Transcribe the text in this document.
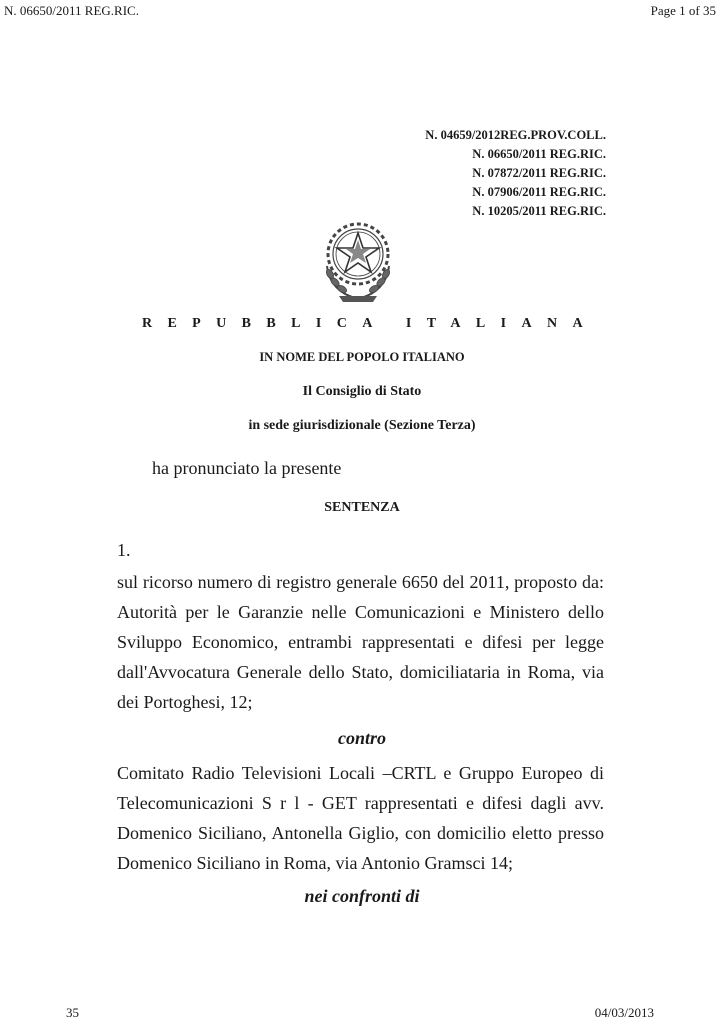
N. 06650/2011 REG.RIC.	Page 1 of 35
N. 04659/2012REG.PROV.COLL.
N. 06650/2011 REG.RIC.
N. 07872/2011 REG.RIC.
N. 07906/2011 REG.RIC.
N. 10205/2011 REG.RIC.
REPUBBLICA ITALIANA
IN NOME DEL POPOLO ITALIANO
Il Consiglio di Stato
in sede giurisdizionale (Sezione Terza)
ha pronunciato la presente
SENTENZA
1.
sul ricorso numero di registro generale 6650 del 2011, proposto da: Autorità per le Garanzie nelle Comunicazioni e Ministero dello Sviluppo Economico, entrambi rappresentati e difesi per legge dall'Avvocatura Generale dello Stato, domiciliataria in Roma, via dei Portoghesi, 12;
contro
Comitato Radio Televisioni Locali –CRTL e Gruppo Europeo di Telecomunicazioni S r l - GET rappresentati e difesi dagli avv. Domenico Siciliano, Antonella Giglio, con domicilio eletto presso Domenico Siciliano in Roma, via Antonio Gramsci 14;
nei confronti di
35	04/03/2013
